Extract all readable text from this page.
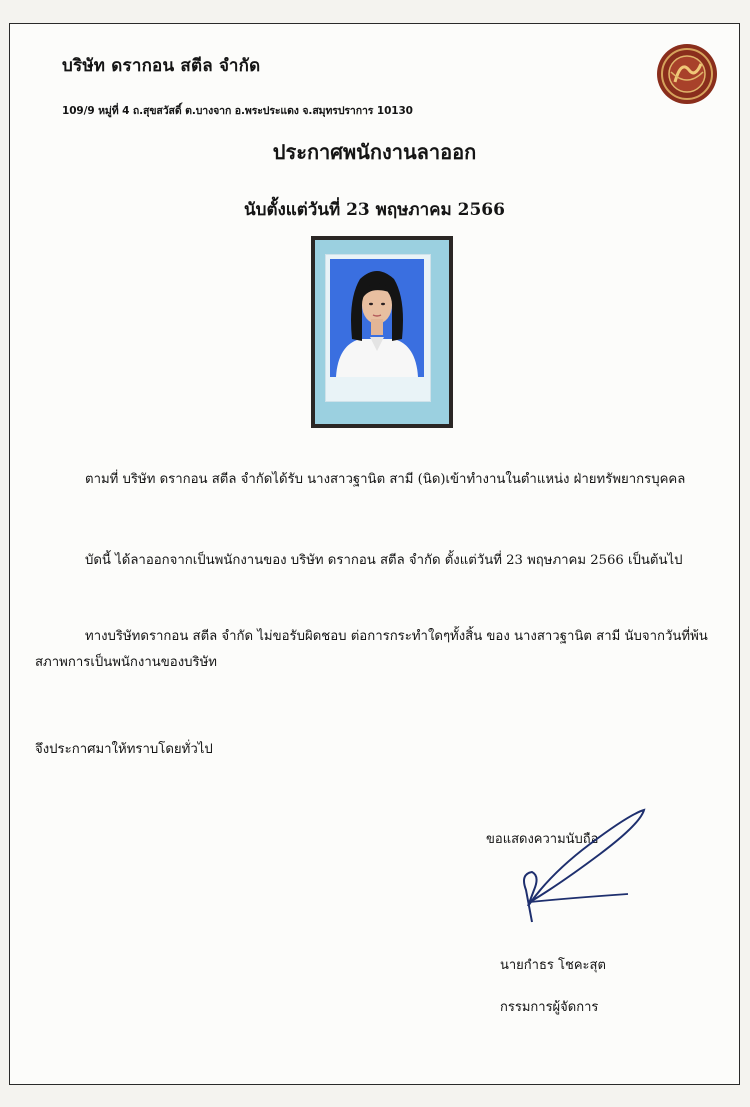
บริษัท ดรากอน สตีล จำกัด
109/9 หมู่ที่ 4 ถ.สุขสวัสดิ์ ต.บางจาก อ.พระประแดง จ.สมุทรปราการ 10130
ประกาศพนักงานลาออก
นับตั้งแต่วันที่ 23 พฤษภาคม 2566
ตามที่ บริษัท ดรากอน สตีล จำกัดได้รับ นางสาวฐานิต สามี (นิด)เข้าทำงานในตำแหน่ง ฝ่ายทรัพยากรบุคคล
บัดนี้ ได้ลาออกจากเป็นพนักงานของ บริษัท ดรากอน สตีล จำกัด ตั้งแต่วันที่ 23 พฤษภาคม 2566 เป็นต้นไป
ทางบริษัทดรากอน สตีล จำกัด ไม่ขอรับผิดชอบ ต่อการกระทำใดๆทั้งสิ้น ของ นางสาวฐานิต สามี นับจากวันที่พ้นสภาพการเป็นพนักงานของบริษัท
จึงประกาศมาให้ทราบโดยทั่วไป
ขอแสดงความนับถือ
นายกำธร โชคะสุต
กรรมการผู้จัดการ
